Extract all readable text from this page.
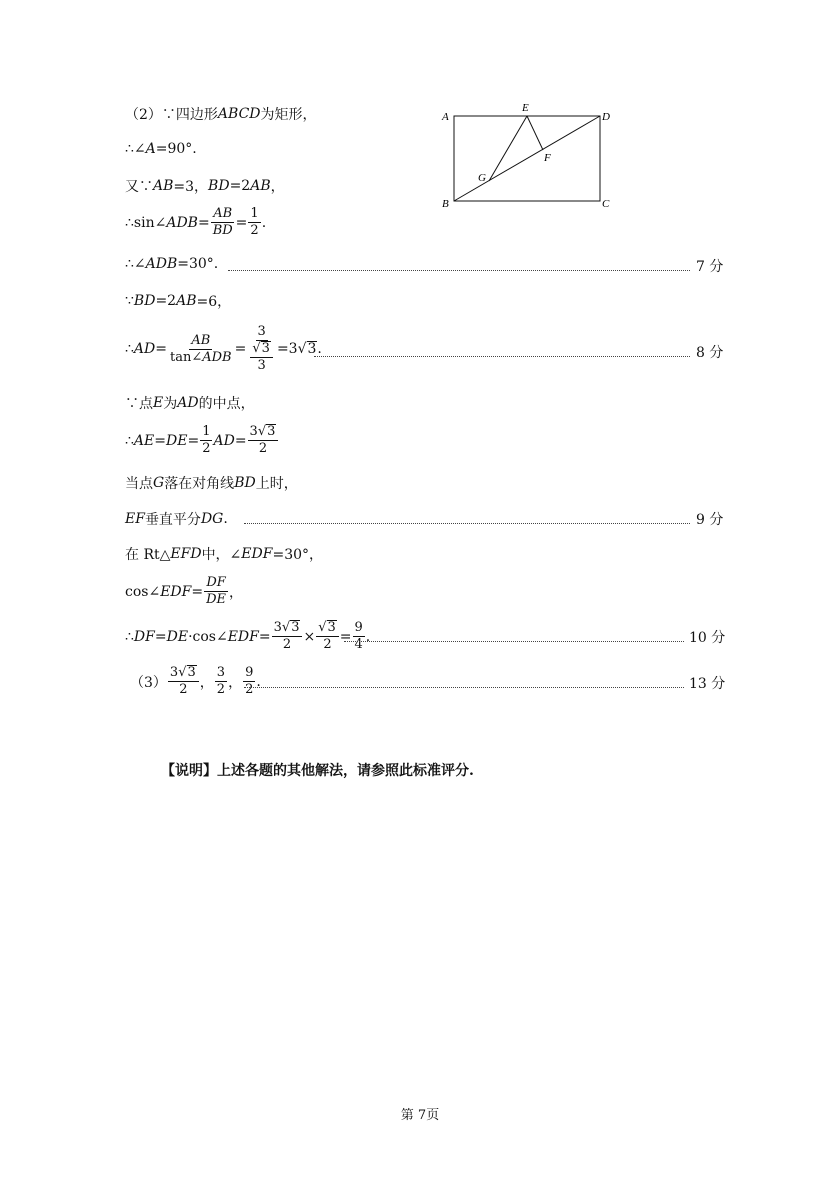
（2）∵四边形 ABCD 为矩形，
∴∠ A =90°.
又∵ AB =3， BD =2 AB ，
∴sin∠ ADB = $\frac{AB}{BD} = \frac{1}{2}$ .
∴∠ ADB =30°.	7 分
∵ BD =2 AB =6，
∴ AD = $\frac{AB}{\text{tan∠ADB}} = \frac{3}{\frac{√ 3}{3}} =3$ √ 3 .	8 分
∵点 E 为 AD 的中点，
∴ AE = DE = $\frac{1}{2}$ AD = $\frac{3 √ 3}{2}$
当点 G 落在对角线 BD 上时，
EF 垂直平分 DG .	9 分
在 Rt△ EFD 中，∠ EDF =30°，
cos∠ EDF = $\frac{DF}{DE}$ ，
∴ DF = DE ·cos∠ EDF = $\frac{3 √ 3}{2} \times \frac{√ 3}{2} = \frac{9}{4}$ .	10 分
$(3) \frac{3 √ 3}{2}$ ， $\frac{3}{2}$ ， $\frac{9}{2}$ .	13 分
A
E
D
F
G
B	C
【说明】上述各题的其他解法，请参照此标准评分.
第 7页
